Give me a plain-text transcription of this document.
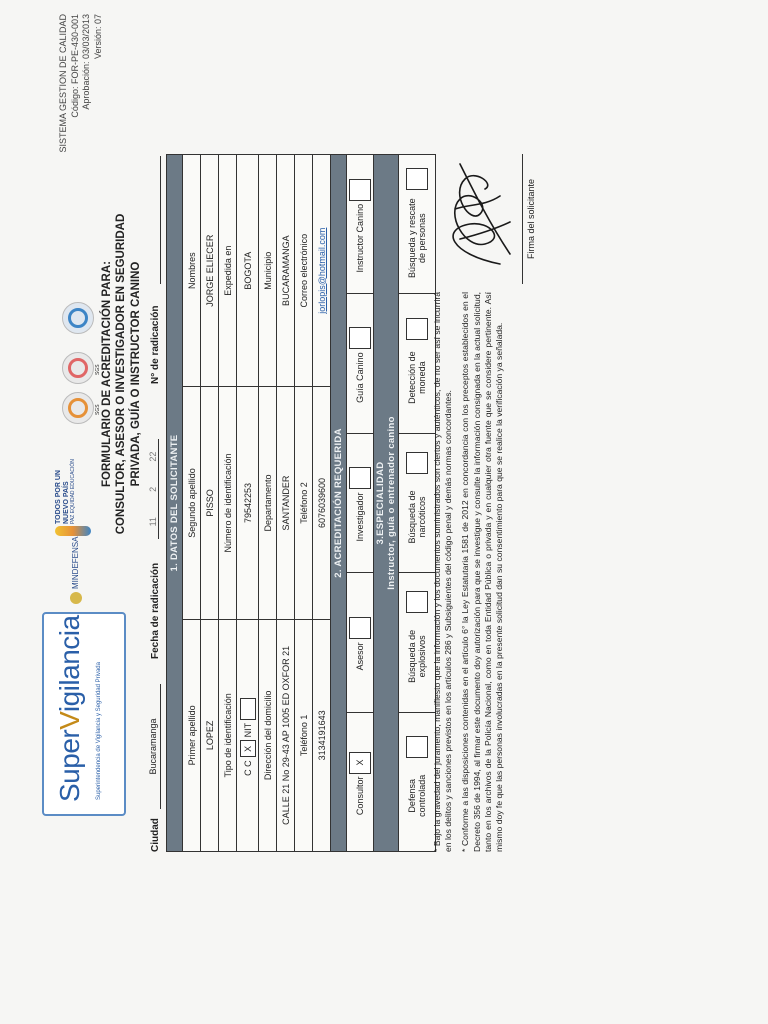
SuperVigilancia Superintendencia de Vigilancia y Seguridad Privada
MINDEFENSA
TODOS POR UN NUEVO PAÍS PAZ EQUIDAD EDUCACIÓN
SGS
SGS FORMULARIO DE ACREDITACIÓN PARA: CONSULTOR, ASESOR O INVESTIGADOR EN SEGURIDAD PRIVADA, GUÍA O INSTRUCTOR CANINO
SISTEMA GESTION DE CALIDAD Código: FOR-PE-430-001 Aprobación: 03/03/2013 Versión: 07
Ciudad
Bucaramanga
Fecha de radicación
11
2
22
N° de radicación
1. DATOS DEL SOLICITANTE
Primer apellido
Segundo apellido
Nombres
LOPEZ
PISSO
JORGE ELIECER
Tipo de identificación
Número de identificación
Expedida en
C C
X
NIT
79542253
BOGOTA
Dirección del domicilio
Departamento
Municipio
CALLE 21 No 29-43 AP 1005 ED OXFOR 21
SANTANDER
BUCARAMANGA
Teléfono 1
Teléfono 2
Correo electrónico
3134191643
6076039600
jorlopis@hotmail.com
2. ACREDITACIÓN REQUERIDA
Consultor
X
Asesor
Investigador
Guía Canino
Instructor Canino
3.ESPECIALIDAD Instructor, guía o entrenador canino
Defensa controlada
Búsqueda de explosivos
Búsqueda de narcóticos
Detección de moneda
Búsqueda y rescate de personas

* Bajo la gravedad del juramento, manifiesto que la información y los documentos suministrados son ciertos y auténticos, de no ser así se incurrirá en los delitos y sanciones previstos en los artículos 286 y Subsiguientes del código penal y demás normas concordantes. * Conforme a las disposiciones contenidas en el artículo 6° la Ley Estatutaria 1581 de 2012 en concordancia con los preceptos establecidos en el Decreto 356 de 1994, al firmar este documento doy autorización para que se investigue y consulte la información consignada en la actual solicitud, tanto en los archivos de la Policía Nacional, como en toda Entidad Pública o privada y en cualquier otra fuente que se considere pertinente. Así mismo doy fe que las personas involucradas en la presente solicitud dan su consentimiento para que se realice la verificación ya señalada.

Firma del solicitante
